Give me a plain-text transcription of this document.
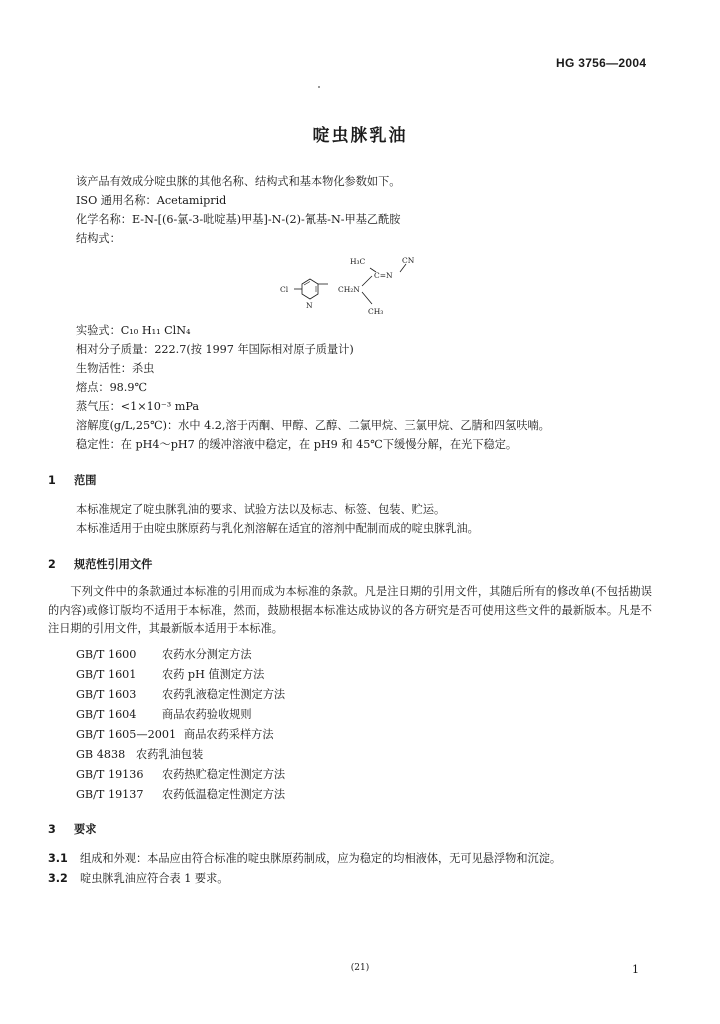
HG 3756—2004
啶虫脒乳油
该产品有效成分啶虫脒的其他名称、结构式和基本物化参数如下。
ISO 通用名称：Acetamiprid
化学名称：E-N-[(6-氯-3-吡啶基)甲基]-N-(2)-氰基-N-甲基乙酰胺
结构式：
Cl
N
CH₂N
H₃C	CN
C=N
CH₃
实验式：C₁₀ H₁₁ ClN₄
相对分子质量：222.7(按 1997 年国际相对原子质量计)
生物活性：杀虫
熔点：98.9℃
蒸气压：<1×10⁻³ mPa
溶解度(g/L,25℃)：水中 4.2,溶于丙酮、甲醇、乙醇、二氯甲烷、三氯甲烷、乙腈和四氢呋喃。
稳定性：在 pH4～pH7 的缓冲溶液中稳定，在 pH9 和 45℃下缓慢分解，在光下稳定。
1 范围
本标准规定了啶虫脒乳油的要求、试验方法以及标志、标签、包装、贮运。
本标准适用于由啶虫脒原药与乳化剂溶解在适宜的溶剂中配制而成的啶虫脒乳油。
2 规范性引用文件
下列文件中的条款通过本标准的引用而成为本标准的条款。凡是注日期的引用文件，其随后所有的修改单(不包括勘误的内容)或修订版均不适用于本标准，然而，鼓励根据本标准达成协议的各方研究是否可使用这些文件的最新版本。凡是不注日期的引用文件，其最新版本适用于本标准。
GB/T 1600 农药水分测定方法
GB/T 1601 农药 pH 值测定方法
GB/T 1603 农药乳液稳定性测定方法
GB/T 1604 商品农药验收规则
GB/T 1605—2001 商品农药采样方法
GB 4838 农药乳油包装
GB/T 19136 农药热贮稳定性测定方法
GB/T 19137 农药低温稳定性测定方法
3 要求
3.1 组成和外观：本品应由符合标准的啶虫脒原药制成，应为稳定的均相液体，无可见悬浮物和沉淀。
3.2 啶虫脒乳油应符合表 1 要求。
(21)	1
